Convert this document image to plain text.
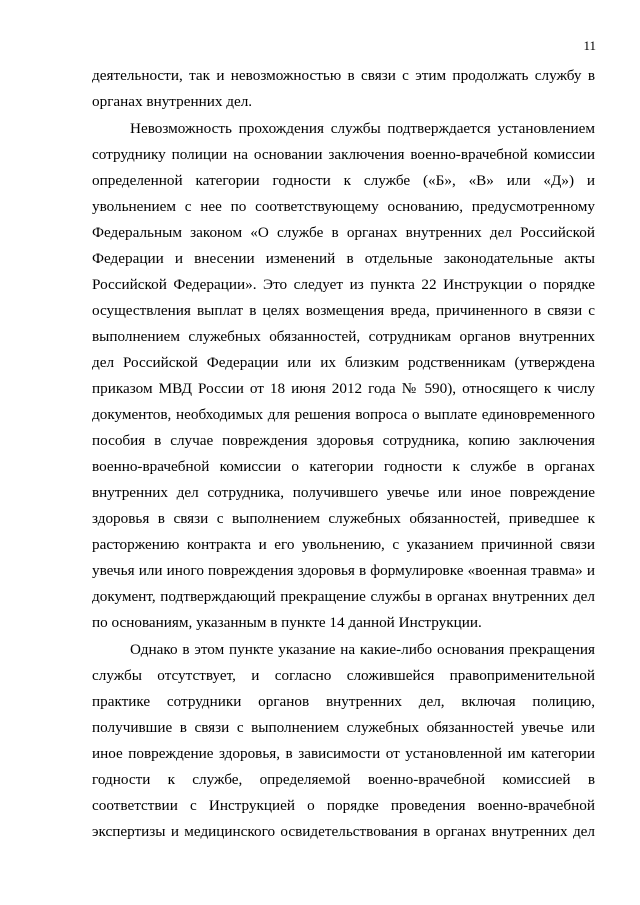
11
деятельности, так и невозможностью в связи с этим продолжать службу в
органах внутренних дел.
Невозможность прохождения службы подтверждается установлением
сотруднику полиции на основании заключения военно-врачебной комиссии
определенной категории годности к службе («Б», «В» или «Д») и
увольнением с нее по соответствующему основанию, предусмотренному
Федеральным законом «О службе в органах внутренних дел Российской
Федерации и внесении изменений в отдельные законодательные акты
Российской Федерации». Это следует из пункта 22 Инструкции о порядке
осуществления выплат в целях возмещения вреда, причиненного в связи с
выполнением служебных обязанностей, сотрудникам органов внутренних
дел Российской Федерации или их близким родственникам (утверждена
приказом МВД России от 18 июня 2012 года № 590), относящего к числу
документов, необходимых для решения вопроса о выплате единовременного
пособия в случае повреждения здоровья сотрудника, копию заключения
военно-врачебной комиссии о категории годности к службе в органах
внутренних дел сотрудника, получившего увечье или иное повреждение
здоровья в связи с выполнением служебных обязанностей, приведшее к
расторжению контракта и его увольнению, с указанием причинной связи
увечья или иного повреждения здоровья в формулировке «военная травма» и
документ, подтверждающий прекращение службы в органах внутренних дел
по основаниям, указанным в пункте 14 данной Инструкции.
Однако в этом пункте указание на какие-либо основания прекращения
службы отсутствует, и согласно сложившейся правоприменительной
практике сотрудники органов внутренних дел, включая полицию,
получившие в связи с выполнением служебных обязанностей увечье или
иное повреждение здоровья, в зависимости от установленной им категории
годности к службе, определяемой военно-врачебной комиссией в
соответствии с Инструкцией о порядке проведения военно-врачебной
экспертизы и медицинского освидетельствования в органах внутренних дел
